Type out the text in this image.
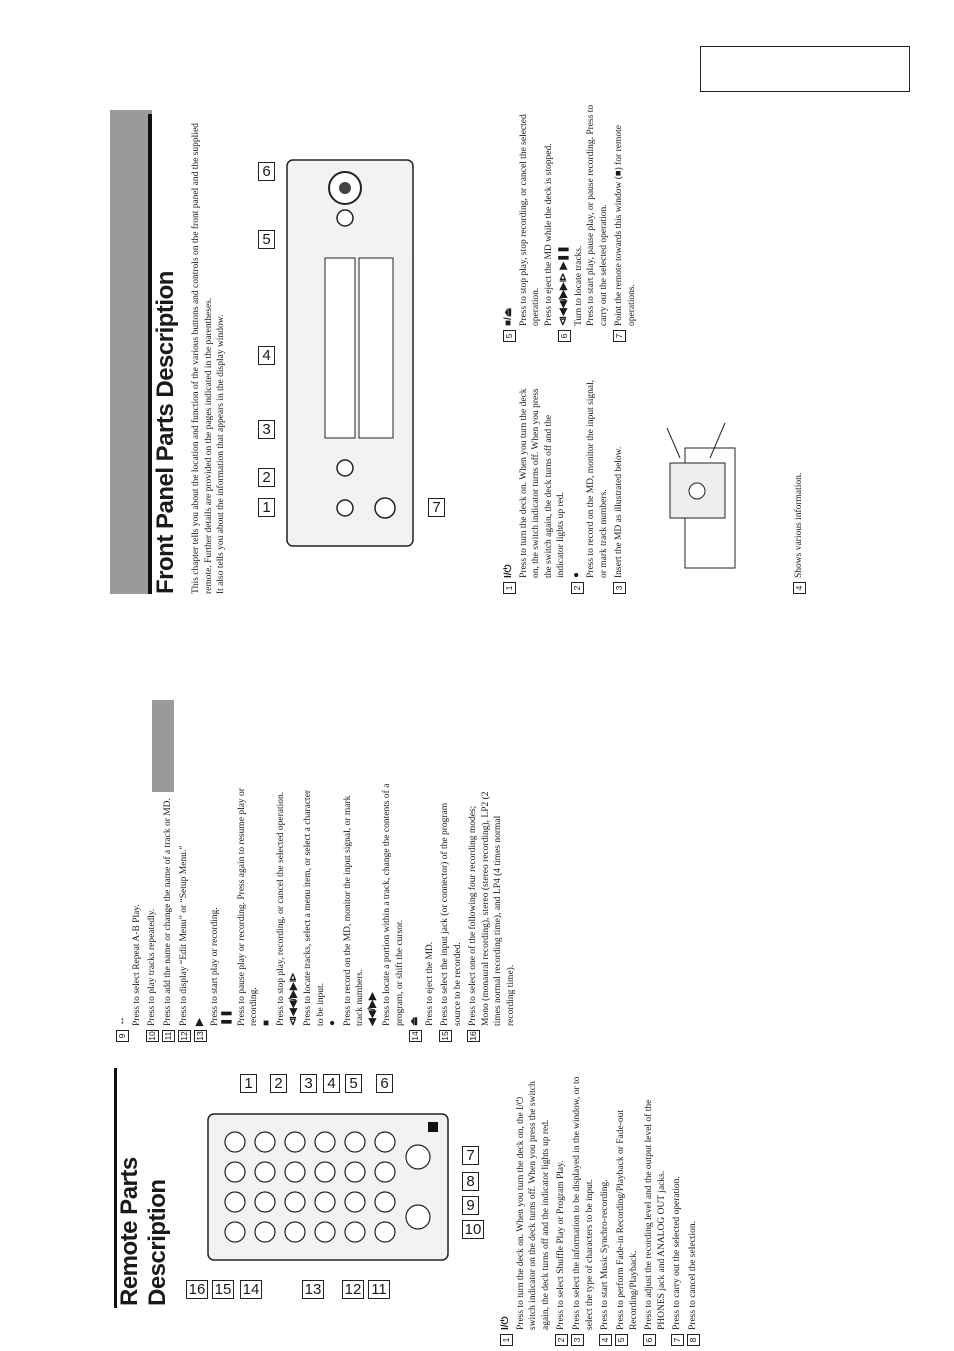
Remote Parts Description
1 2 3 4 5 6
7
8
9
10
11
12
13
14
15
16
1
I/⏻ Press to turn the deck on. When you turn the deck on, the I/⏻ switch indicator on the deck turns off. When you press the switch again, the deck turns off and the indicator lights up red.
2
Press to select Shuffle Play or Program Play.
3
Press to select the information to be displayed in the window, or to select the type of characters to be input.
4
Press to start Music Synchro-recording.
5
Press to perform Fade-in Recording/Playback or Fade-out Recording/Playback.
6
Press to adjust the recording level and the output level of the PHONES jack and ANALOG OUT jacks.
7
Press to carry out the selected operation.
8
Press to cancel the selection.
9
↔ Press to select Repeat A-B Play.
10
Press to play tracks repeatedly.
11
Press to add the name or change the name of a track or MD.
12
Press to display “Edit Menu” or “Setup Menu.”
13
▶ Press to start play or recording. ❚❚ Press to pause play or recording. Press again to resume play or recording. ■ Press to stop play, recording, or cancel the selected operation. ⧏◀◀/▶▶⧐ Press to locate tracks, select a menu item, or select a character to be input. ● Press to record on the MD, monitor the input signal, or mark track numbers. ◀◀/▶▶ Press to locate a portion within a track, change the contents of a program, or shift the cursor.
14
⏏ Press to eject the MD.
15
Press to select the input jack (or connector) of the program source to be recorded.
16
Press to select one of the following four recording modes; Mono (monaural recording), stereo (stereo recording), LP2 (2 times normal recording time), and LP4 (4 times normal recording time).
Front Panel Parts Description This chapter tells you about the location and function of the various buttons and controls on the front panel and the supplied remote. Further details are provided on the pages indicated in the parentheses. It also tells you about the information that appears in the display window. 1
2
3
4
5
6
7
1
I/⏻ Press to turn the deck on. When you turn the deck on, the switch indicator turns off. When you press the switch again, the deck turns off and the indicator lights up red.
2
● Press to record on the MD, monitor the input signal, or mark track numbers.
3
Insert the MD as illustrated below.
4
Shows various information.
5
■/⏏ Press to stop play, stop recording, or cancel the selected operation. Press to eject the MD while the deck is stopped.
6
⧏◀◀/▶▶⧐ ▶❚❚ Turn to locate tracks. Press to start play, pause play, or pause recording. Press to carry out the selected operation.
7
Point the remote towards this window (■) for remote operations.
